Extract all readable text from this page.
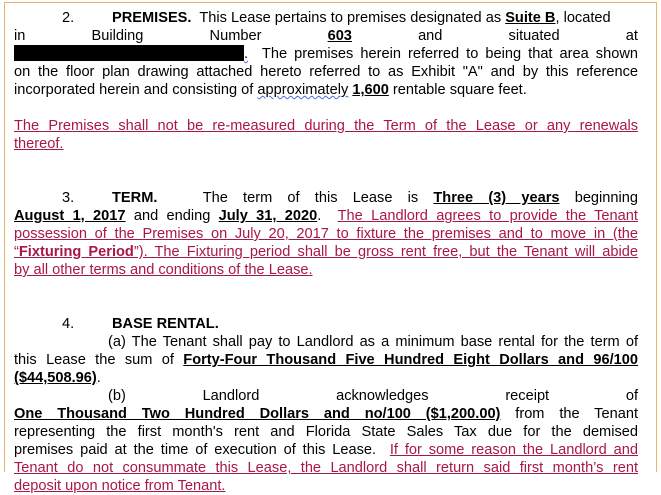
2.	PREMISES. This Lease pertains to premises designated as Suite B, located

in	Building	Number	603	and	situated	at

. The premises herein referred to being that area shown

on the floor plan drawing attached hereto referred to as Exhibit "A" and by this reference

incorporated herein and consisting of approximately 1,600 rentable square feet.

The Premises shall not be re-measured during the Term of the Lease or any renewals

thereof.

3.	TERM.	The term of this Lease is Three (3) years beginning

August 1, 2017 and ending July 31, 2020. The Landlord agrees to provide the Tenant

possession of the Premises on July 20, 2017 to fixture the premises and to move in (the

“Fixturing Period”). The Fixturing period shall be gross rent free, but the Tenant will abide

by all other terms and conditions of the Lease.

4.	BASE RENTAL.

(a) The Tenant shall pay to Landlord as a minimum base rental for the term of

this Lease the sum of Forty-Four Thousand Five Hundred Eight Dollars and 96/100

($44,508.96).

(b)	Landlord	acknowledges	receipt	of

One Thousand Two Hundred Dollars and no/100 ($1,200.00) from the Tenant

representing the first month's rent and Florida State Sales Tax due for the demised

premises paid at the time of execution of this Lease. If for some reason the Landlord and

Tenant do not consummate this Lease, the Landlord shall return said first month’s rent

deposit upon notice from Tenant.
